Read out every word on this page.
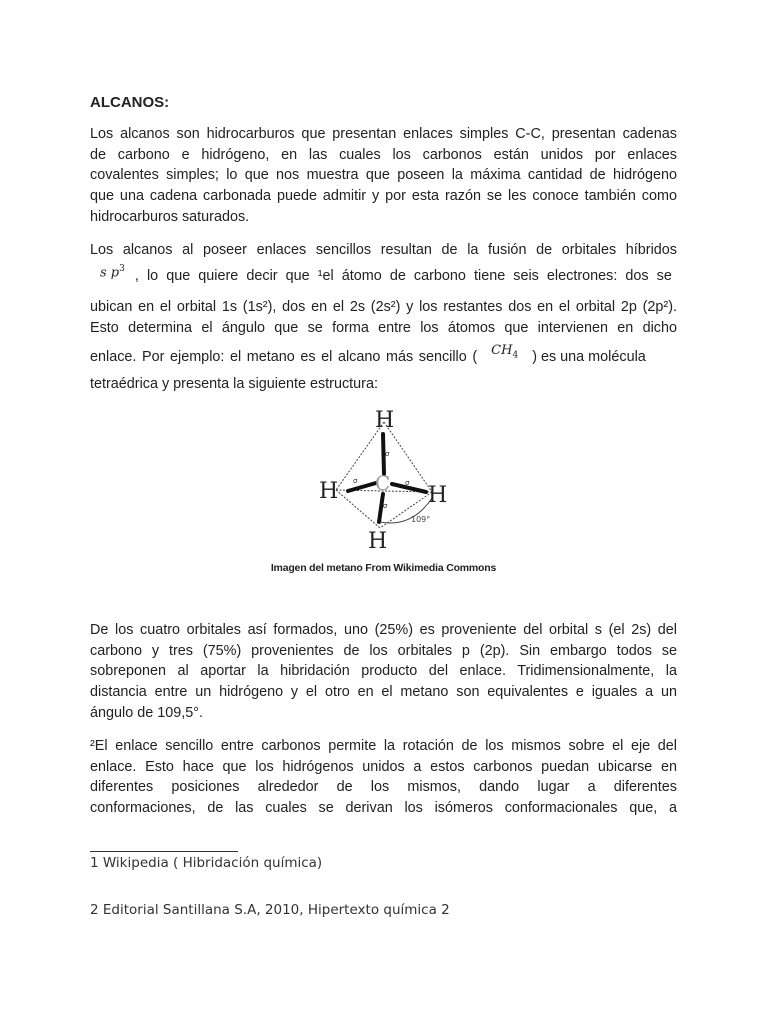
ALCANOS:
Los alcanos son hidrocarburos que presentan enlaces simples C-C, presentan cadenas
de carbono e hidrógeno, en las cuales los carbonos están unidos por enlaces
covalentes simples; lo que nos muestra que poseen la máxima cantidad de hidrógeno
que una cadena carbonada puede admitir y por esta razón se les conoce también como
hidrocarburos saturados.
Los alcanos al poseer enlaces sencillos resultan de la fusión de orbitales híbridos
s $p^3$ , lo que quiere decir que ¹el átomo de carbono tiene seis electrones: dos se
ubican en el orbital 1s (1s²), dos en el 2s (2s²) y los restantes dos en el orbital 2p (2p²).
Esto determina el ángulo que se forma entre los átomos que intervienen en dicho
enlace. Por ejemplo: el metano es el alcano más sencillo ( $CH_4$ ) es una molécula
tetraédrica y presenta la siguiente estructura:
H
H	H
H
C
σ
σ	σ
σ
109°
Imagen del metano From Wikimedia Commons
De los cuatro orbitales así formados, uno (25%) es proveniente del orbital s (el 2s) del
carbono y tres (75%) provenientes de los orbitales p (2p). Sin embargo todos se
sobreponen al aportar la hibridación producto del enlace. Tridimensionalmente, la
distancia entre un hidrógeno y el otro en el metano son equivalentes e iguales a un
ángulo de 109,5°.
²El enlace sencillo entre carbonos permite la rotación de los mismos sobre el eje del
enlace. Esto hace que los hidrógenos unidos a estos carbonos puedan ubicarse en
diferentes posiciones alrededor de los mismos, dando lugar a diferentes
conformaciones, de las cuales se derivan los isómeros conformacionales que, a
1 Wikipedia ( Hibridación química)
2 Editorial Santillana S.A, 2010, Hipertexto química 2
